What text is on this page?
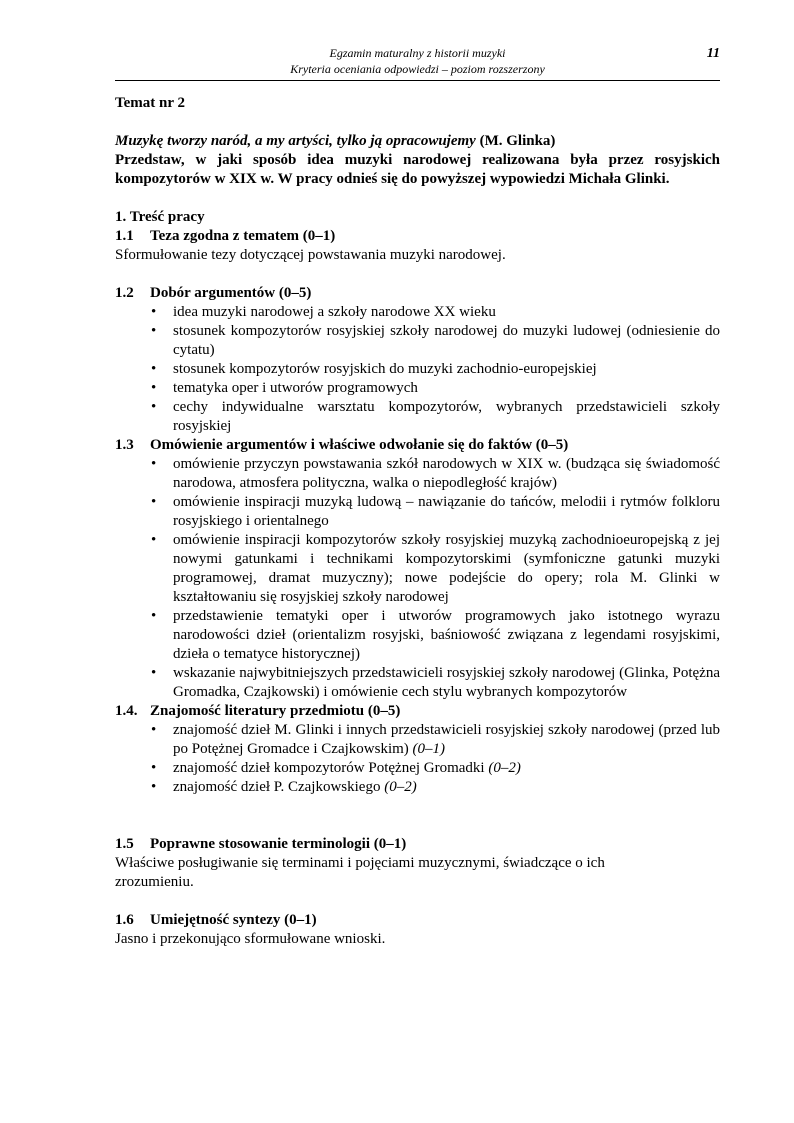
Egzamin maturalny z historii muzyki
Kryteria oceniania odpowiedzi – poziom rozszerzony
11

Temat nr 2

Muzykę tworzy naród, a my artyści, tylko ją opracowujemy (M. Glinka)

Przedstaw, w jaki sposób idea muzyki narodowej realizowana była przez rosyjskich kompozytorów w XIX w. W pracy odnieś się do powyższej wypowiedzi Michała Glinki.

1. Treść pracy

1.1	Teza zgodna z tematem (0–1)

Sformułowanie tezy dotyczącej powstawania muzyki narodowej.

1.2	Dobór argumentów (0–5)
• idea muzyki narodowej a szkoły narodowe XX wieku
• stosunek kompozytorów rosyjskiej szkoły narodowej do muzyki ludowej (odniesienie do cytatu)
• stosunek kompozytorów rosyjskich do muzyki zachodnio-europejskiej
• tematyka oper i utworów programowych
• cechy indywidualne warsztatu kompozytorów, wybranych przedstawicieli szkoły rosyjskiej
1.3	Omówienie argumentów i właściwe odwołanie się do faktów (0–5)
• omówienie przyczyn powstawania szkół narodowych w XIX w. (budząca się świadomość narodowa, atmosfera polityczna, walka o niepodległość krajów)
• omówienie inspiracji muzyką ludową – nawiązanie do tańców, melodii i rytmów folkloru rosyjskiego i orientalnego
• omówienie inspiracji kompozytorów szkoły rosyjskiej muzyką zachodnioeuropejską z jej nowymi gatunkami i technikami kompozytorskimi (symfoniczne gatunki muzyki programowej, dramat muzyczny); nowe podejście do opery; rola M. Glinki w kształtowaniu się rosyjskiej szkoły narodowej
• przedstawienie tematyki oper i utworów programowych jako istotnego wyrazu narodowości dzieł (orientalizm rosyjski, baśniowość związana z legendami rosyjskimi, dzieła o tematyce historycznej)
• wskazanie najwybitniejszych przedstawicieli rosyjskiej szkoły narodowej (Glinka, Potężna Gromadka, Czajkowski) i omówienie cech stylu wybranych kompozytorów
1.4. Znajomość literatury przedmiotu (0–5)
• znajomość dzieł M. Glinki i innych przedstawicieli rosyjskiej szkoły narodowej (przed lub po Potężnej Gromadce i Czajkowskim) (0–1)
• znajomość dzieł kompozytorów Potężnej Gromadki (0–2)
• znajomość dzieł P. Czajkowskiego (0–2)
1.5	Poprawne stosowanie terminologii (0–1)

Właściwe posługiwanie się terminami i pojęciami muzycznymi, świadczące o ich zrozumieniu.

1.6	Umiejętność syntezy (0–1)

Jasno i przekonująco sformułowane wnioski.
